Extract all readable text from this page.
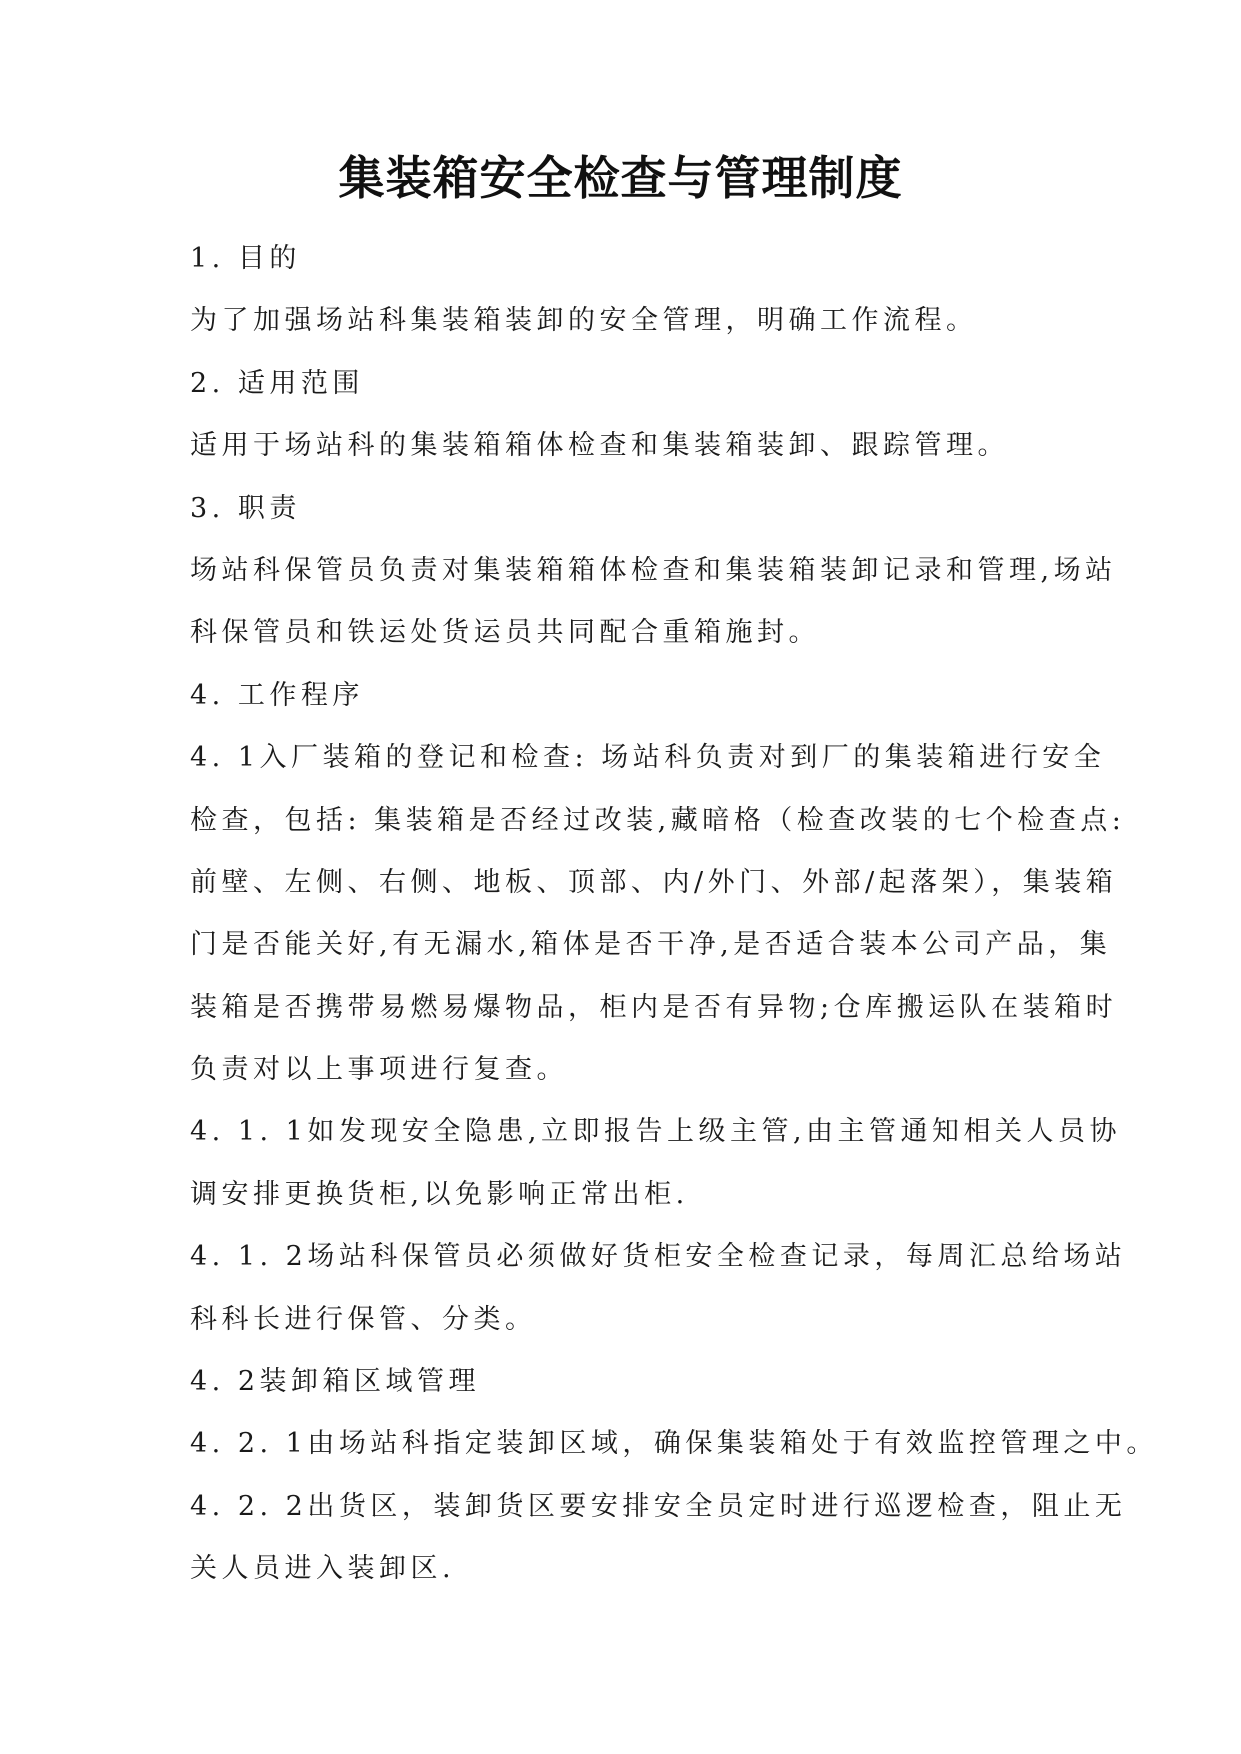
集装箱安全检查与管理制度

1. 目的

为了加强场站科集装箱装卸的安全管理，明确工作流程。

2. 适用范围

适用于场站科的集装箱箱体检查和集装箱装卸、跟踪管理。

3. 职责

场站科保管员负责对集装箱箱体检查和集装箱装卸记录和管理,场站

科保管员和铁运处货运员共同配合重箱施封。

4. 工作程序

4. 1入厂装箱的登记和检查: 场站科负责对到厂的集装箱进行安全

检查，包括: 集装箱是否经过改装,藏暗格（检查改装的七个检查点:

前壁、左侧、右侧、地板、顶部、内/外门、外部/起落架），集装箱

门是否能关好,有无漏水,箱体是否干净,是否适合装本公司产品，集

装箱是否携带易燃易爆物品，柜内是否有异物;仓库搬运队在装箱时

负责对以上事项进行复查。

4. 1. 1如发现安全隐患,立即报告上级主管,由主管通知相关人员协

调安排更换货柜,以免影响正常出柜.

4. 1. 2场站科保管员必须做好货柜安全检查记录，每周汇总给场站

科科长进行保管、分类。

4. 2装卸箱区域管理

4. 2. 1由场站科指定装卸区域，确保集装箱处于有效监控管理之中。

4. 2. 2出货区，装卸货区要安排安全员定时进行巡逻检查，阻止无

关人员进入装卸区.
